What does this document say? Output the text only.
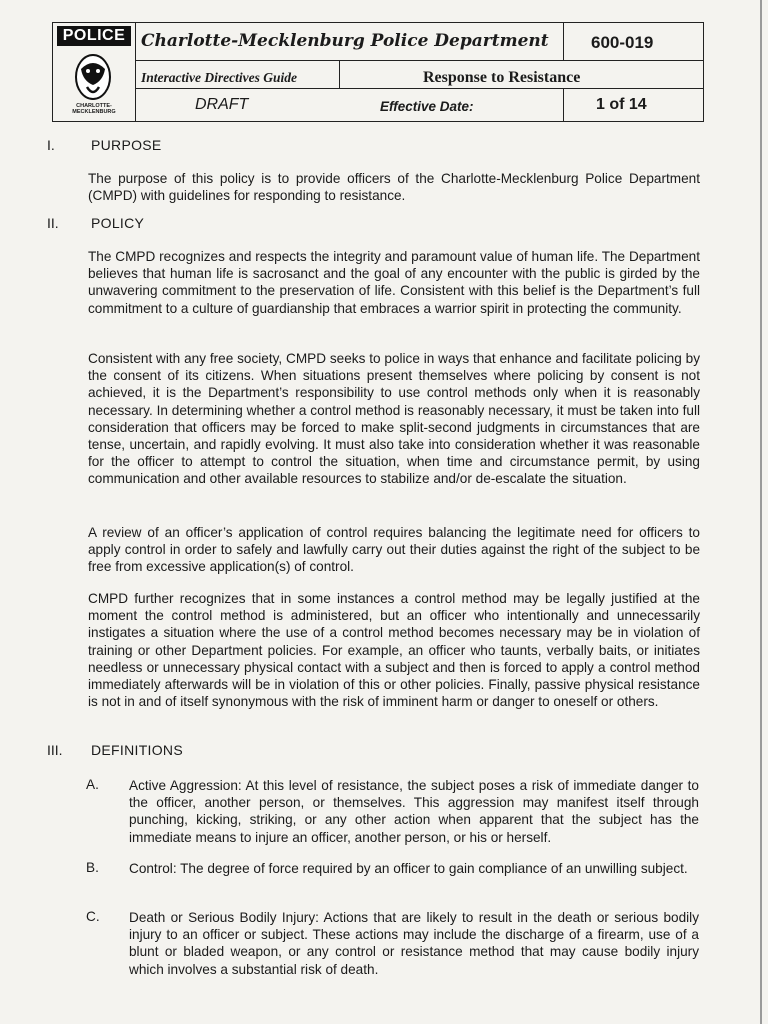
POLICE
CHARLOTTE-MECKLENBURG
Charlotte-Mecklenburg Police Department 600-019
Interactive Directives Guide	Response to Resistance
DRAFT	Effective Date:	1 of 14
I.	PURPOSE
The purpose of this policy is to provide officers of the Charlotte-Mecklenburg Police Department (CMPD) with guidelines for responding to resistance.
II. POLICY
The CMPD recognizes and respects the integrity and paramount value of human life. The Department believes that human life is sacrosanct and the goal of any encounter with the public is girded by the unwavering commitment to the preservation of life. Consistent with this belief is the Department’s full commitment to a culture of guardianship that embraces a warrior spirit in protecting the community.
Consistent with any free society, CMPD seeks to police in ways that enhance and facilitate policing by the consent of its citizens. When situations present themselves where policing by consent is not achieved, it is the Department’s responsibility to use control methods only when it is reasonably necessary. In determining whether a control method is reasonably necessary, it must be taken into full consideration that officers may be forced to make split-second judgments in circumstances that are tense, uncertain, and rapidly evolving. It must also take into consideration whether it was reasonable for the officer to attempt to control the situation, when time and circumstance permit, by using communication and other available resources to stabilize and/or de-escalate the situation.
A review of an officer’s application of control requires balancing the legitimate need for officers to apply control in order to safely and lawfully carry out their duties against the right of the subject to be free from excessive application(s) of control.
CMPD further recognizes that in some instances a control method may be legally justified at the moment the control method is administered, but an officer who intentionally and unnecessarily instigates a situation where the use of a control method becomes necessary may be in violation of training or other Department policies. For example, an officer who taunts, verbally baits, or initiates needless or unnecessary physical contact with a subject and then is forced to apply a control method immediately afterwards will be in violation of this or other policies. Finally, passive physical resistance is not in and of itself synonymous with the risk of imminent harm or danger to oneself or others.
III. DEFINITIONS
A. Active Aggression: At this level of resistance, the subject poses a risk of immediate danger to the officer, another person, or themselves. This aggression may manifest itself through punching, kicking, striking, or any other action when apparent that the subject has the immediate means to injure an officer, another person, or his or herself.
B. Control: The degree of force required by an officer to gain compliance of an unwilling subject.
C. Death or Serious Bodily Injury: Actions that are likely to result in the death or serious bodily injury to an officer or subject. These actions may include the discharge of a firearm, use of a blunt or bladed weapon, or any control or resistance method that may cause bodily injury which involves a substantial risk of death.
